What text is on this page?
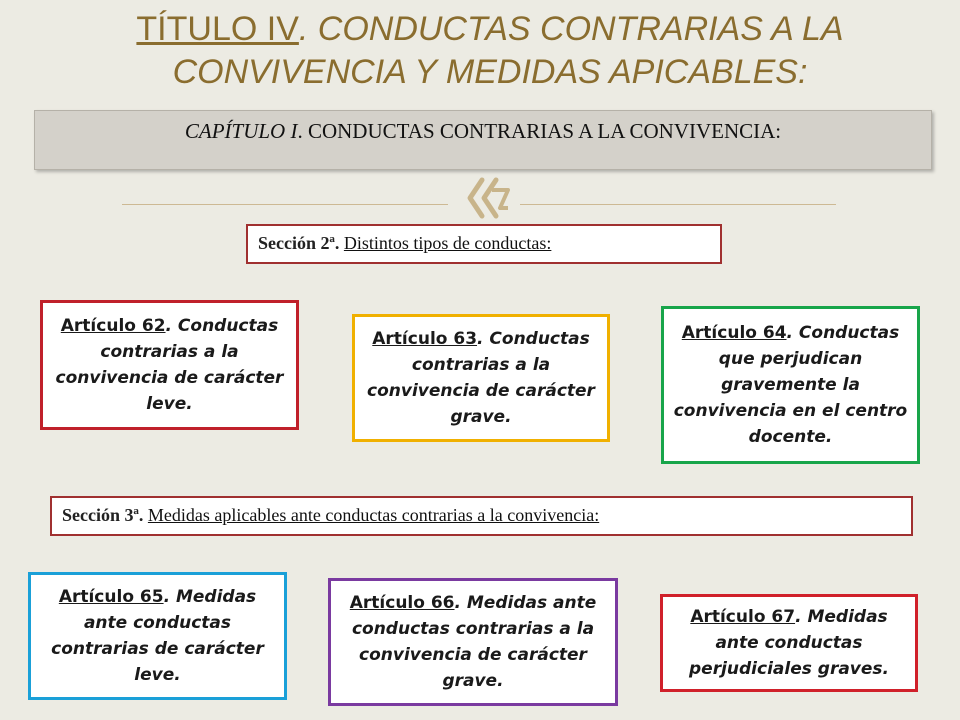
TÍTULO IV. CONDUCTAS CONTRARIAS A LA CONVIVENCIA Y MEDIDAS APICABLES:
CAPÍTULO I. CONDUCTAS CONTRARIAS A LA CONVIVENCIA:
Sección 2ª. Distintos tipos de conductas:
Artículo 62. Conductas contrarias a la convivencia de carácter leve.
Artículo 63. Conductas contrarias a la convivencia de carácter grave.
Artículo 64. Conductas que perjudican gravemente la convivencia en el centro docente.
Sección 3ª. Medidas aplicables ante conductas contrarias a la convivencia:
Artículo 65. Medidas ante conductas contrarias de carácter leve.
Artículo 66. Medidas ante conductas contrarias a la convivencia de carácter grave.
Artículo 67. Medidas ante conductas perjudiciales graves.
